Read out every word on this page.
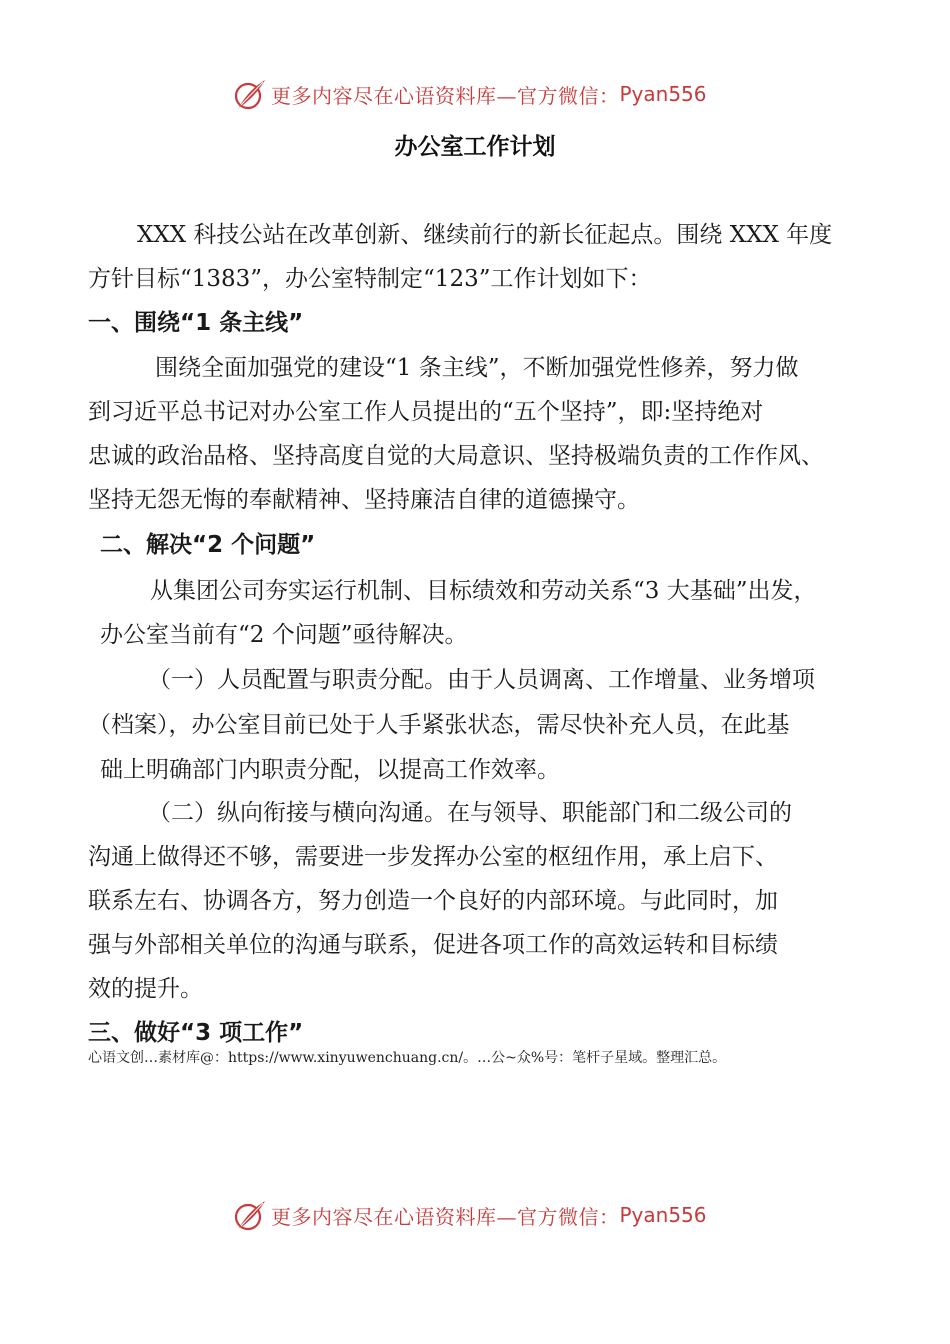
更多内容尽在心语资料库—官方微信： Pyan556
办公室工作计划
XXX 科技公站在改革创新、继续前行的新长征起点。围绕 XXX 年度
方针目标“1383”，办公室特制定“123”工作计划如下：
一、围绕“1 条主线”
围绕全面加强党的建设“1 条主线”，不断加强党性修养，努力做
到习近平总书记对办公室工作人员提出的“五个坚持”，即:坚持绝对
忠诚的政治品格、坚持高度自觉的大局意识、坚持极端负责的工作作风、
坚持无怨无悔的奉献精神、坚持廉洁自律的道德操守。
二、解决“2 个问题”
从集团公司夯实运行机制、目标绩效和劳动关系“3 大基础”出发，
办公室当前有“2 个问题”亟待解决。
（一）人员配置与职责分配。由于人员调离、工作增量、业务增项
（档案），办公室目前已处于人手紧张状态，需尽快补充人员，在此基
础上明确部门内职责分配，以提高工作效率。
（二）纵向衔接与横向沟通。在与领导、职能部门和二级公司的
沟通上做得还不够，需要进一步发挥办公室的枢纽作用，承上启下、
联系左右、协调各方，努力创造一个良好的内部环境。与此同时，加
强与外部相关单位的沟通与联系，促进各项工作的高效运转和目标绩
效的提升。
三、做好“3 项工作”
心语文创…素材库@：https://www.xinyuwenchuang.cn/。…公~众%号：笔杆子星域。整理汇总。
更多内容尽在心语资料库—官方微信： Pyan556
